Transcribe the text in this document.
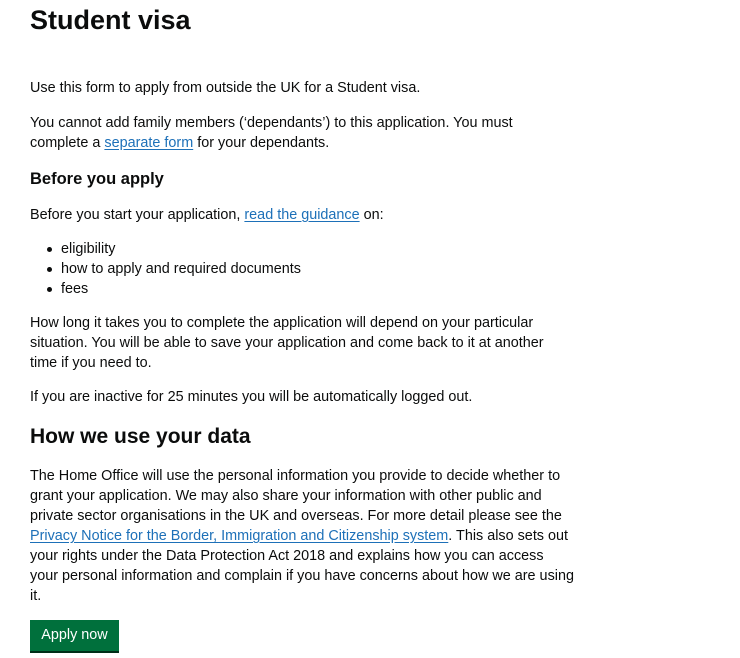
Student visa

Use this form to apply from outside the UK for a Student visa.

You cannot add family members (‘dependants’) to this application. You must complete a separate form for your dependants.

Before you apply

Before you start your application, read the guidance on:

eligibility
how to apply and required documents
fees

How long it takes you to complete the application will depend on your particular situation. You will be able to save your application and come back to it at another time if you need to.

If you are inactive for 25 minutes you will be automatically logged out.

How we use your data

The Home Office will use the personal information you provide to decide whether to grant your application. We may also share your information with other public and private sector organisations in the UK and overseas. For more detail please see the Privacy Notice for the Border, Immigration and Citizenship system. This also sets out your rights under the Data Protection Act 2018 and explains how you can access your personal information and complain if you have concerns about how we are using it.

Apply now
